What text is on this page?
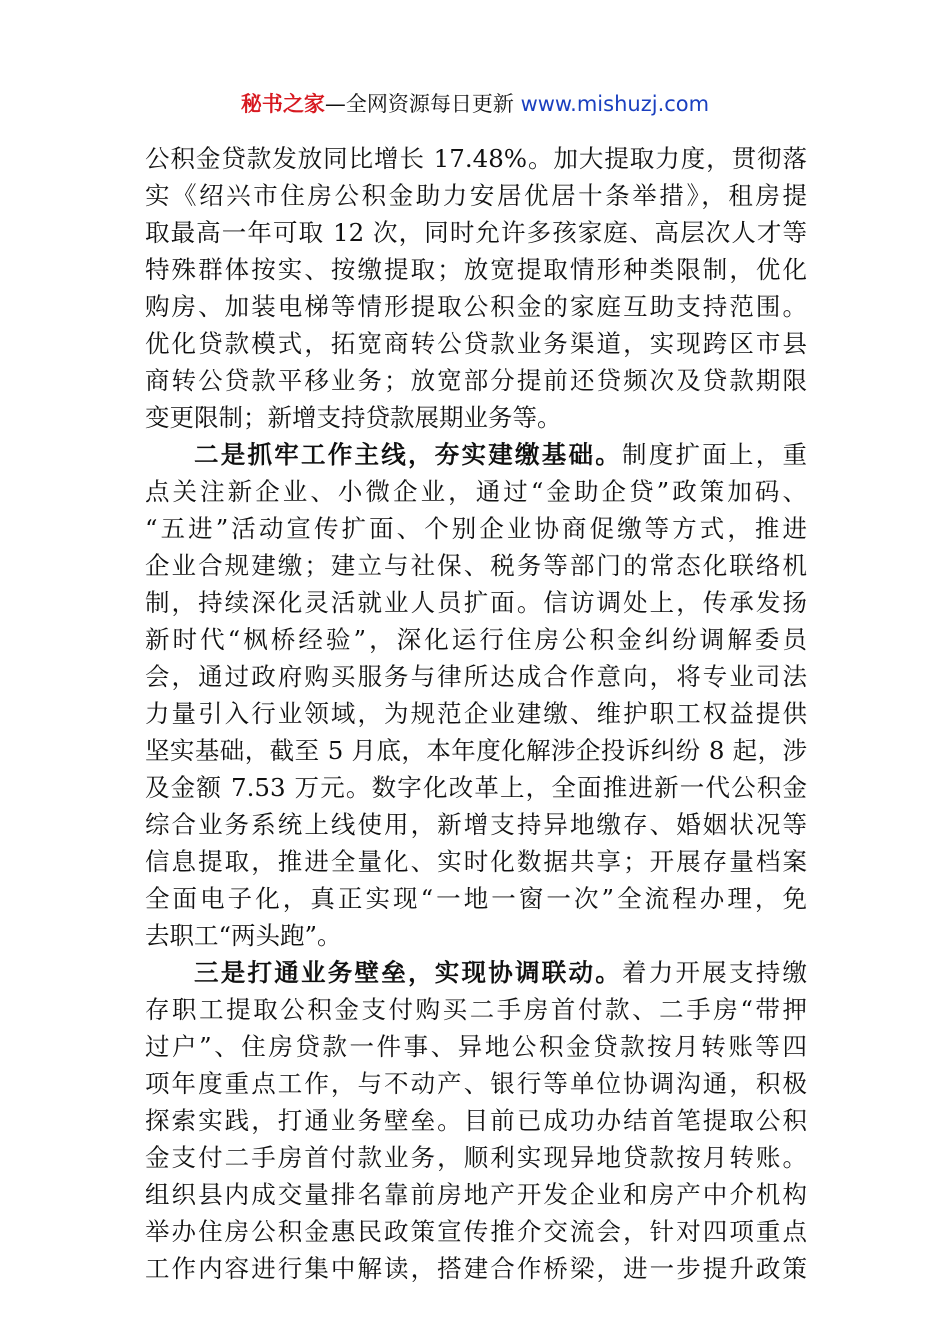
秘书之家—全网资源每日更新 www.mishuzj.com
公积金贷款发放同比增长 17.48%。加大提取力度，贯彻落
实《绍兴市住房公积金助力安居优居十条举措》，租房提
取最高一年可取 12 次，同时允许多孩家庭、高层次人才等
特殊群体按实、按缴提取；放宽提取情形种类限制，优化
购房、加装电梯等情形提取公积金的家庭互助支持范围。
优化贷款模式，拓宽商转公贷款业务渠道，实现跨区市县
商转公贷款平移业务；放宽部分提前还贷频次及贷款期限
变更限制；新增支持贷款展期业务等。
二是抓牢工作主线，夯实建缴基础。制度扩面上，重
点关注新企业、小微企业，通过“金助企贷”政策加码、
“五进”活动宣传扩面、个别企业协商促缴等方式，推进
企业合规建缴；建立与社保、税务等部门的常态化联络机
制，持续深化灵活就业人员扩面。信访调处上，传承发扬
新时代“枫桥经验”，深化运行住房公积金纠纷调解委员
会，通过政府购买服务与律所达成合作意向，将专业司法
力量引入行业领域，为规范企业建缴、维护职工权益提供
坚实基础，截至 5 月底，本年度化解涉企投诉纠纷 8 起，涉
及金额 7.53 万元。数字化改革上，全面推进新一代公积金
综合业务系统上线使用，新增支持异地缴存、婚姻状况等
信息提取，推进全量化、实时化数据共享；开展存量档案
全面电子化，真正实现“一地一窗一次”全流程办理，免
去职工“两头跑”。
三是打通业务壁垒，实现协调联动。着力开展支持缴
存职工提取公积金支付购买二手房首付款、二手房“带押
过户”、住房贷款一件事、异地公积金贷款按月转账等四
项年度重点工作，与不动产、银行等单位协调沟通，积极
探索实践，打通业务壁垒。目前已成功办结首笔提取公积
金支付二手房首付款业务，顺利实现异地贷款按月转账。
组织县内成交量排名靠前房地产开发企业和房产中介机构
举办住房公积金惠民政策宣传推介交流会，针对四项重点
工作内容进行集中解读，搭建合作桥梁，进一步提升政策
